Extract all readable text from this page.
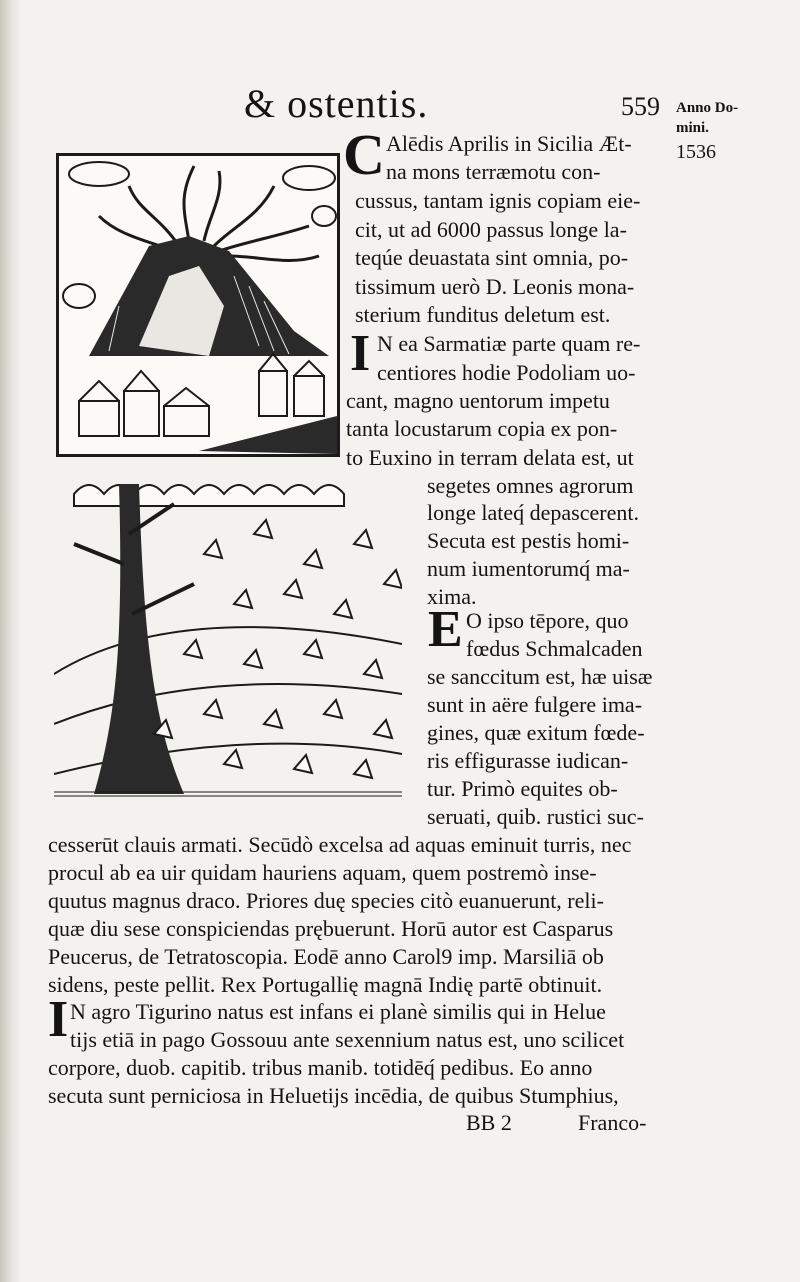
& ostentis.	559 Anno Do-
mini.
1536
C Alēdis Aprilis in Sicilia Æt-
na mons terræmotu con-
cussus, tantam ignis copiam eie-
cit, ut ad 6000 passus longe la-
teqúe deuastata sint omnia, po-
tissimum uerò D. Leonis mona-
sterium funditus deletum est.
I N ea Sarmatiæ parte quam re-
centiores hodie Podoliam uo-
cant, magno uentorum impetu
tanta locustarum copia ex pon-
to Euxino in terram delata est, ut
segetes omnes agrorum
longe lateq́ depascerent.
Secuta est pestis homi-
num iumentorumq́ ma-
xima.
E O ipso tēpore, quo
fœdus Schmalcaden
se sanccitum est, hæ uisæ
sunt in aëre fulgere ima-
gines, quæ exitum fœde-
ris effigurasse iudican-
tur. Primò equites ob-
seruati, quib. rustici suc-
cesserūt clauis armati. Secūdò excelsa ad aquas eminuit turris, nec
procul ab ea uir quidam hauriens aquam, quem postremò inse-
quutus magnus draco. Priores duę species citò euanuerunt, reli-
quæ diu sese conspiciendas prębuerunt. Horū autor est Casparus
Peucerus, de Tetratoscopia. Eodē anno Carol9 imp. Marsiliā ob
sidens, peste pellit. Rex Portugallię magnā Indię partē obtinuit.
I N agro Tigurino natus est infans ei planè similis qui in Helue
tijs etiā in pago Gossouu ante sexennium natus est, uno scilicet
corpore, duob. capitib. tribus manib. totidēq́ pedibus. Eo anno
secuta sunt perniciosa in Heluetijs incēdia, de quibus Stumphius,
BB 2	Franco-
